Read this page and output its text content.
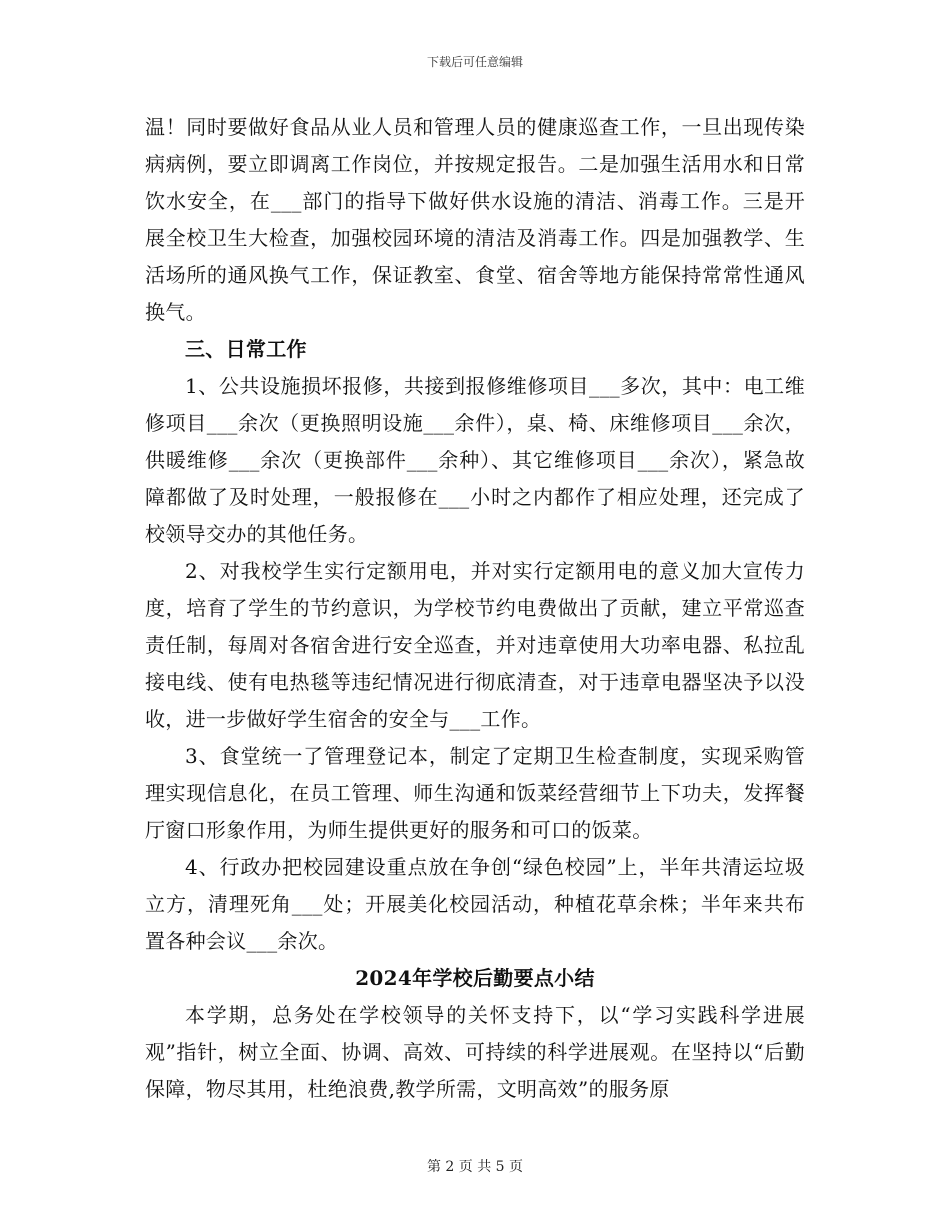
下载后可任意编辑

温！同时要做好食品从业人员和管理人员的健康巡查工作，一旦出现传染病病例，要立即调离工作岗位，并按规定报告。二是加强生活用水和日常饮水安全，在___部门的指导下做好供水设施的清洁、消毒工作。三是开展全校卫生大检查，加强校园环境的清洁及消毒工作。四是加强教学、生活场所的通风换气工作，保证教室、食堂、宿舍等地方能保持常常性通风换气。

三、日常工作

1、公共设施损坏报修，共接到报修维修项目___多次，其中：电工维修项目___余次（更换照明设施___余件），桌、椅、床维修项目___余次，供暖维修___余次（更换部件___余种）、其它维修项目___余次），紧急故障都做了及时处理，一般报修在___小时之内都作了相应处理，还完成了校领导交办的其他任务。

2、对我校学生实行定额用电，并对实行定额用电的意义加大宣传力度，培育了学生的节约意识，为学校节约电费做出了贡献，建立平常巡查责任制，每周对各宿舍进行安全巡查，并对违章使用大功率电器、私拉乱接电线、使有电热毯等违纪情况进行彻底清查，对于违章电器坚决予以没收，进一步做好学生宿舍的安全与___工作。

3、食堂统一了管理登记本，制定了定期卫生检查制度，实现采购管理实现信息化，在员工管理、师生沟通和饭菜经营细节上下功夫，发挥餐厅窗口形象作用，为师生提供更好的服务和可口的饭菜。

4、行政办把校园建设重点放在争创“绿色校园”上，半年共清运垃圾立方，清理死角___处；开展美化校园活动，种植花草余株；半年来共布置各种会议___余次。

2024年学校后勤要点小结

本学期，总务处在学校领导的关怀支持下，以“学习实践科学进展观”指针，树立全面、协调、高效、可持续的科学进展观。在坚持以“后勤保障，物尽其用，杜绝浪费,教学所需，文明高效”的服务原

第 2 页 共 5 页
